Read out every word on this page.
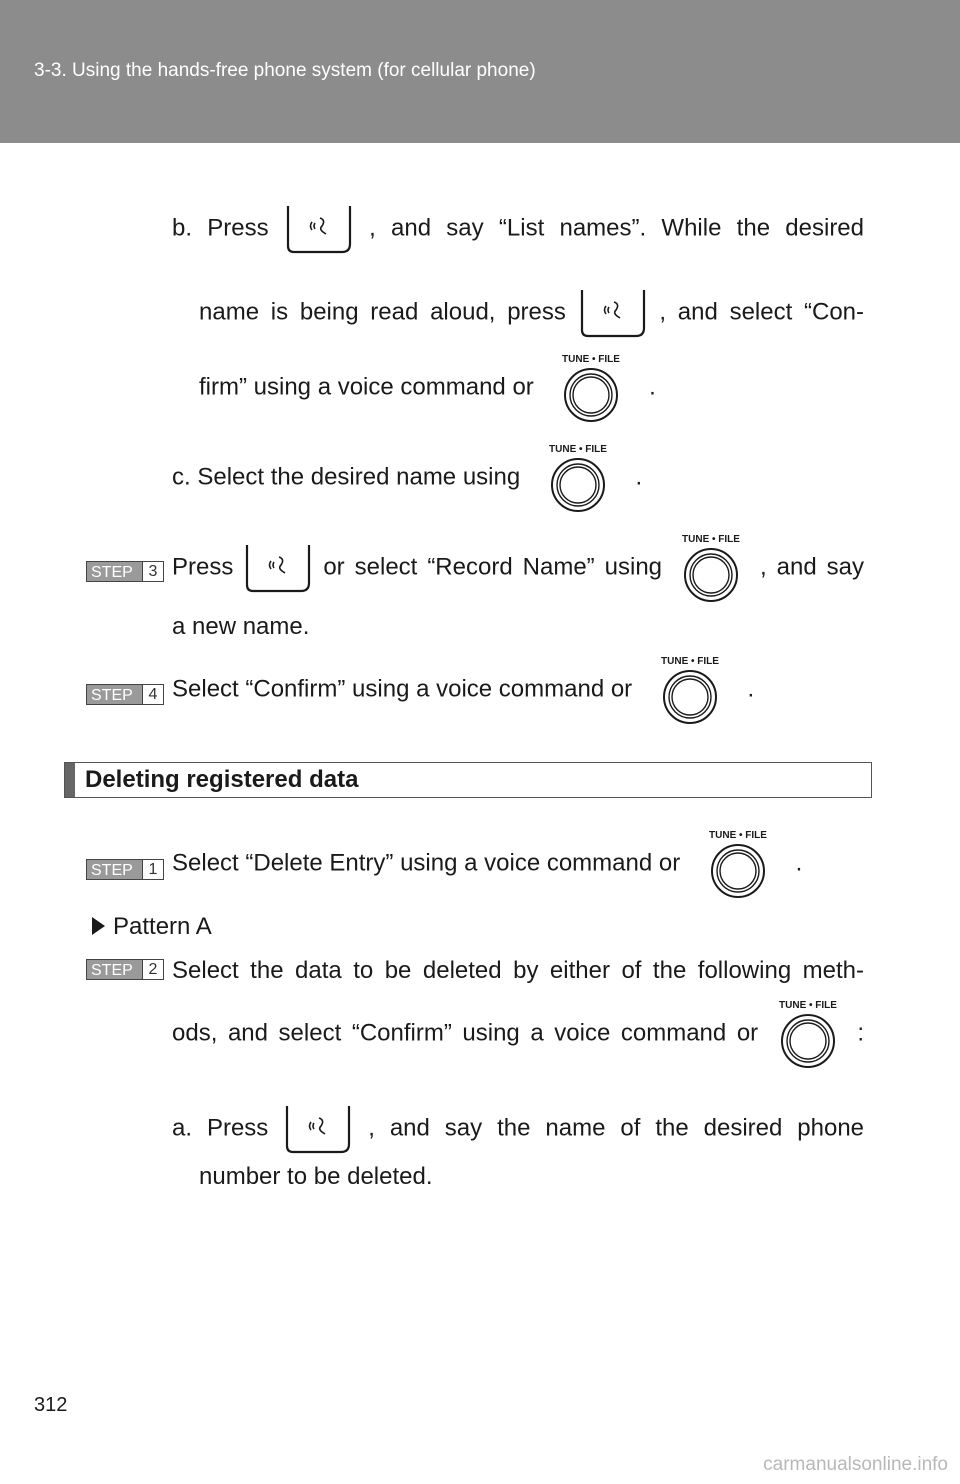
3-3. Using the hands-free phone system (for cellular phone)
b. Press	, and say “List names”. While the desired
name is being read aloud, press	, and select “Con-
firm” using a voice command or	.
c. Select the desired name using	.
STEP 3 Press	or select “Record Name” using	, and say
a new name.
STEP 4 Select “Confirm” using a voice command or	.
Deleting registered data
STEP 1 Select “Delete Entry” using a voice command or	.
Pattern A
STEP 2 Select the data to be deleted by either of the following meth-
ods, and select “Confirm” using a voice command or	:
a. Press	, and say the name of the desired phone
number to be deleted.
312
carmanualsonline.info
